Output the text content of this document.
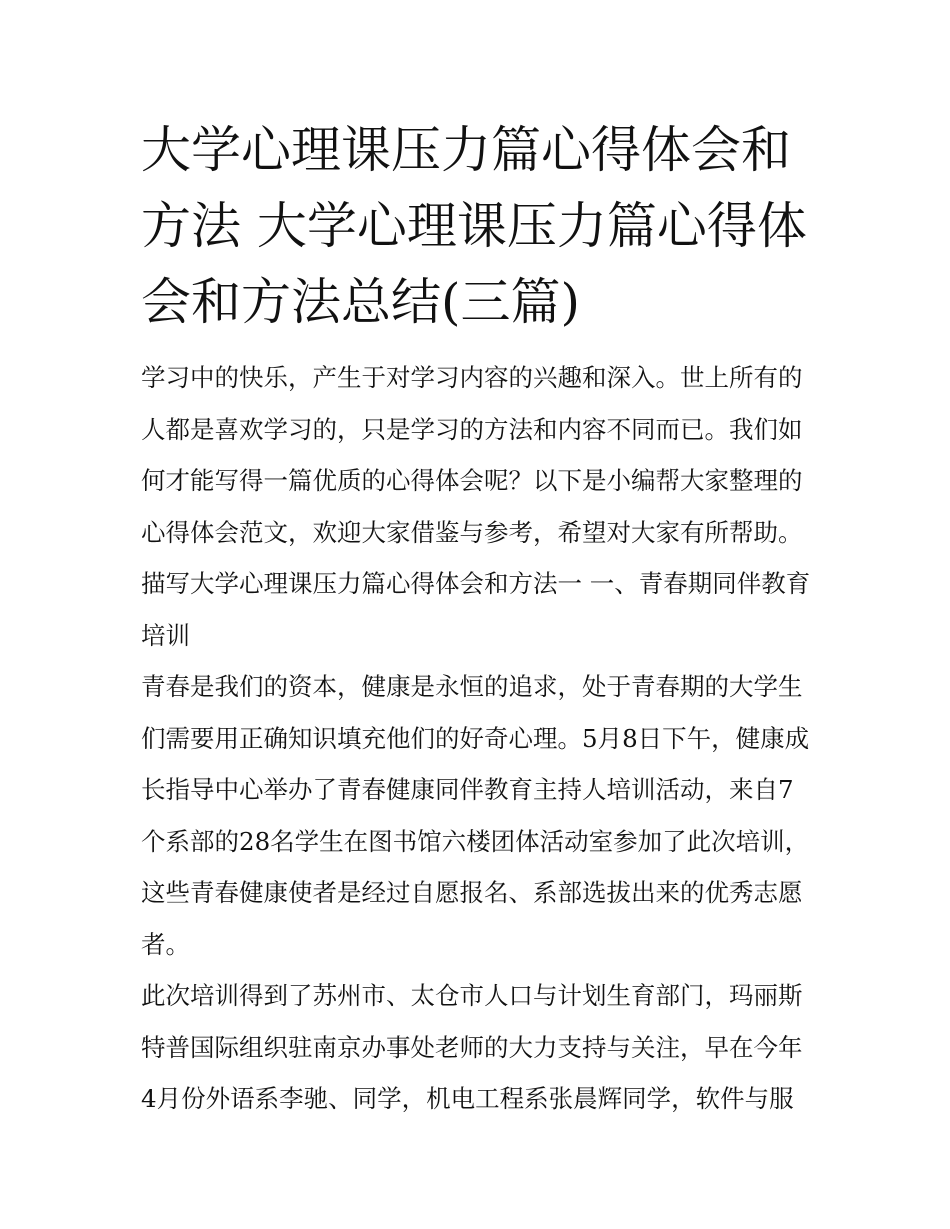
大学心理课压力篇心得体会和方法 大学心理课压力篇心得体会和方法总结(三篇)

学习中的快乐，产生于对学习内容的兴趣和深入。世上所有的人都是喜欢学习的，只是学习的方法和内容不同而已。我们如何才能写得一篇优质的心得体会呢？以下是小编帮大家整理的心得体会范文，欢迎大家借鉴与参考，希望对大家有所帮助。

描写大学心理课压力篇心得体会和方法一 一、青春期同伴教育培训

青春是我们的资本，健康是永恒的追求，处于青春期的大学生们需要用正确知识填充他们的好奇心理。5月8日下午，健康成长指导中心举办了青春健康同伴教育主持人培训活动，来自7个系部的28名学生在图书馆六楼团体活动室参加了此次培训，这些青春健康使者是经过自愿报名、系部选拔出来的优秀志愿者。

此次培训得到了苏州市、太仓市人口与计划生育部门，玛丽斯特普国际组织驻南京办事处老师的大力支持与关注，早在今年4月份外语系李驰、同学，机电工程系张晨辉同学，软件与服
